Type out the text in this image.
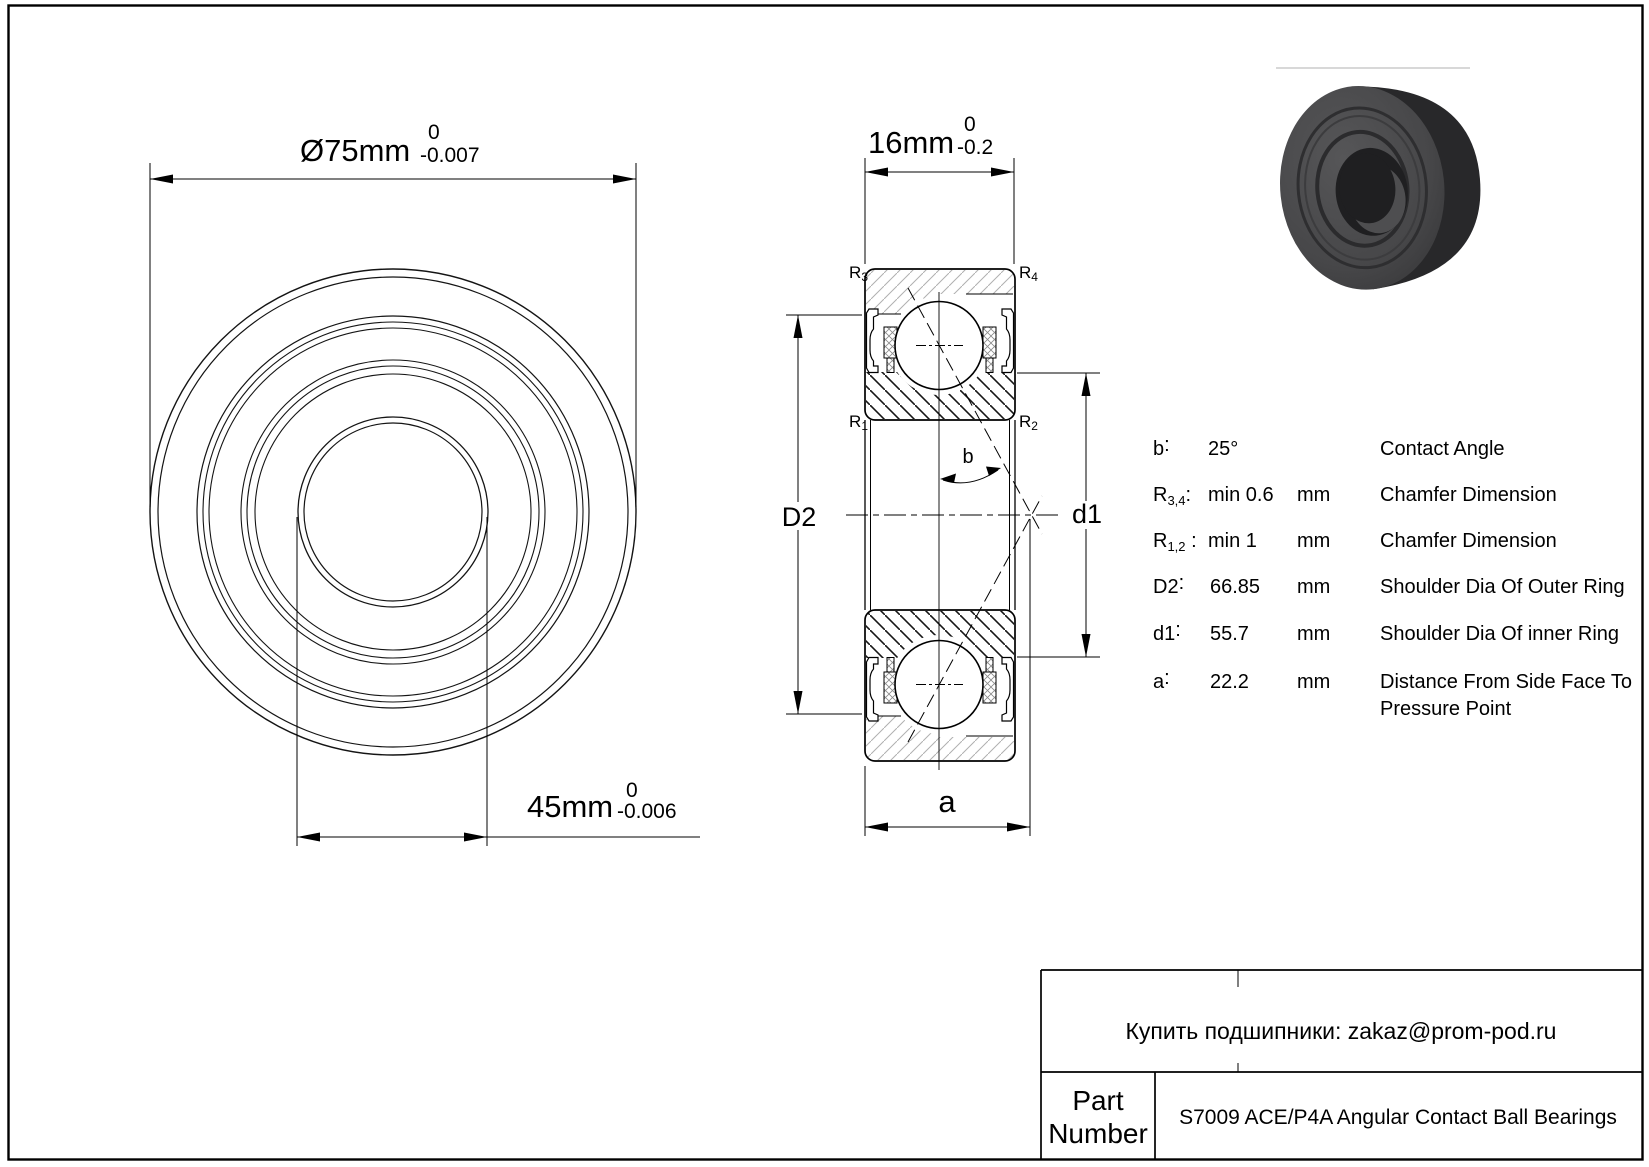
Ø75mm
0
-0.007
45mm 0
-0.006
16mm
0
-0.2
b
R3	R4
R1	R2
D2	d1
a
b: 25°	Contact Angle
$R_{3,4}$: min 0.6 mm Chamfer Dimension
$R_{1,2}$ : min 1 mm Chamfer Dimension
D2: 66.85 mm Shoulder Dia Of Outer Ring
d1: 55.7 mm Shoulder Dia Of inner Ring
a: 22.2 mm Distance From Side Face To
Pressure Point
Купить подшипники: zakaz@prom-pod.ru
Part
Number
S7009 ACE/P4A Angular Contact Ball Bearings
